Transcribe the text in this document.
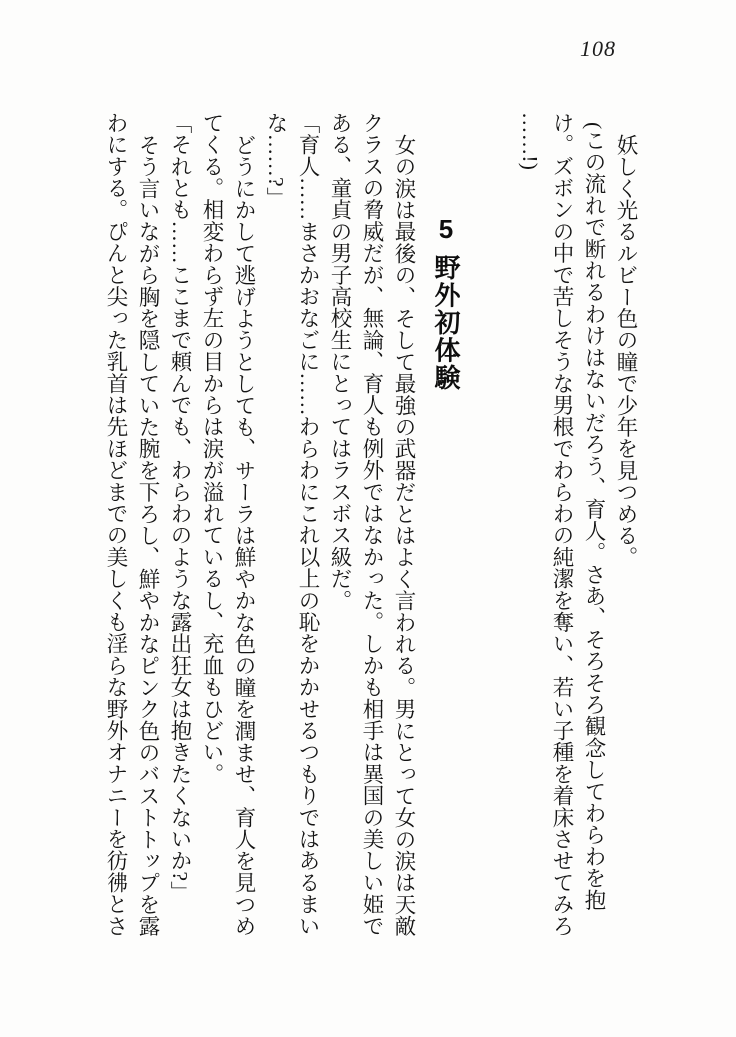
108
妖しく光るルビー色の瞳で少年を見つめる。
(この流れで断れるわけはないだろう、育人。さあ、そろそろ観念してわらわを抱
け。ズボンの中で苦しそうな男根でわらわの純潔を奪い、若い子種を着床させてみろ
……!)
5野外初体験
女の涙は最後の、そして最強の武器だとはよく言われる。男にとって女の涙は天敵
クラスの脅威だが、無論、育人も例外ではなかった。しかも相手は異国の美しい姫で
ある、童貞の男子高校生にとってはラスボス級だ。
「育人……まさかおなごに……わらわにこれ以上の恥をかかせるつもりではあるまい
な……?」
どうにかして逃げようとしても、サーラは鮮やかな色の瞳を潤ませ、育人を見つめ
てくる。相変わらず左の目からは涙が溢れているし、充血もひどい。
「それとも……ここまで頼んでも、わらわのような露出狂女は抱きたくないか?」
そう言いながら胸を隠していた腕を下ろし、鮮やかなピンク色のバストトップを露
わにする。ぴんと尖った乳首は先ほどまでの美しくも淫らな野外オナニーを彷彿とさ
